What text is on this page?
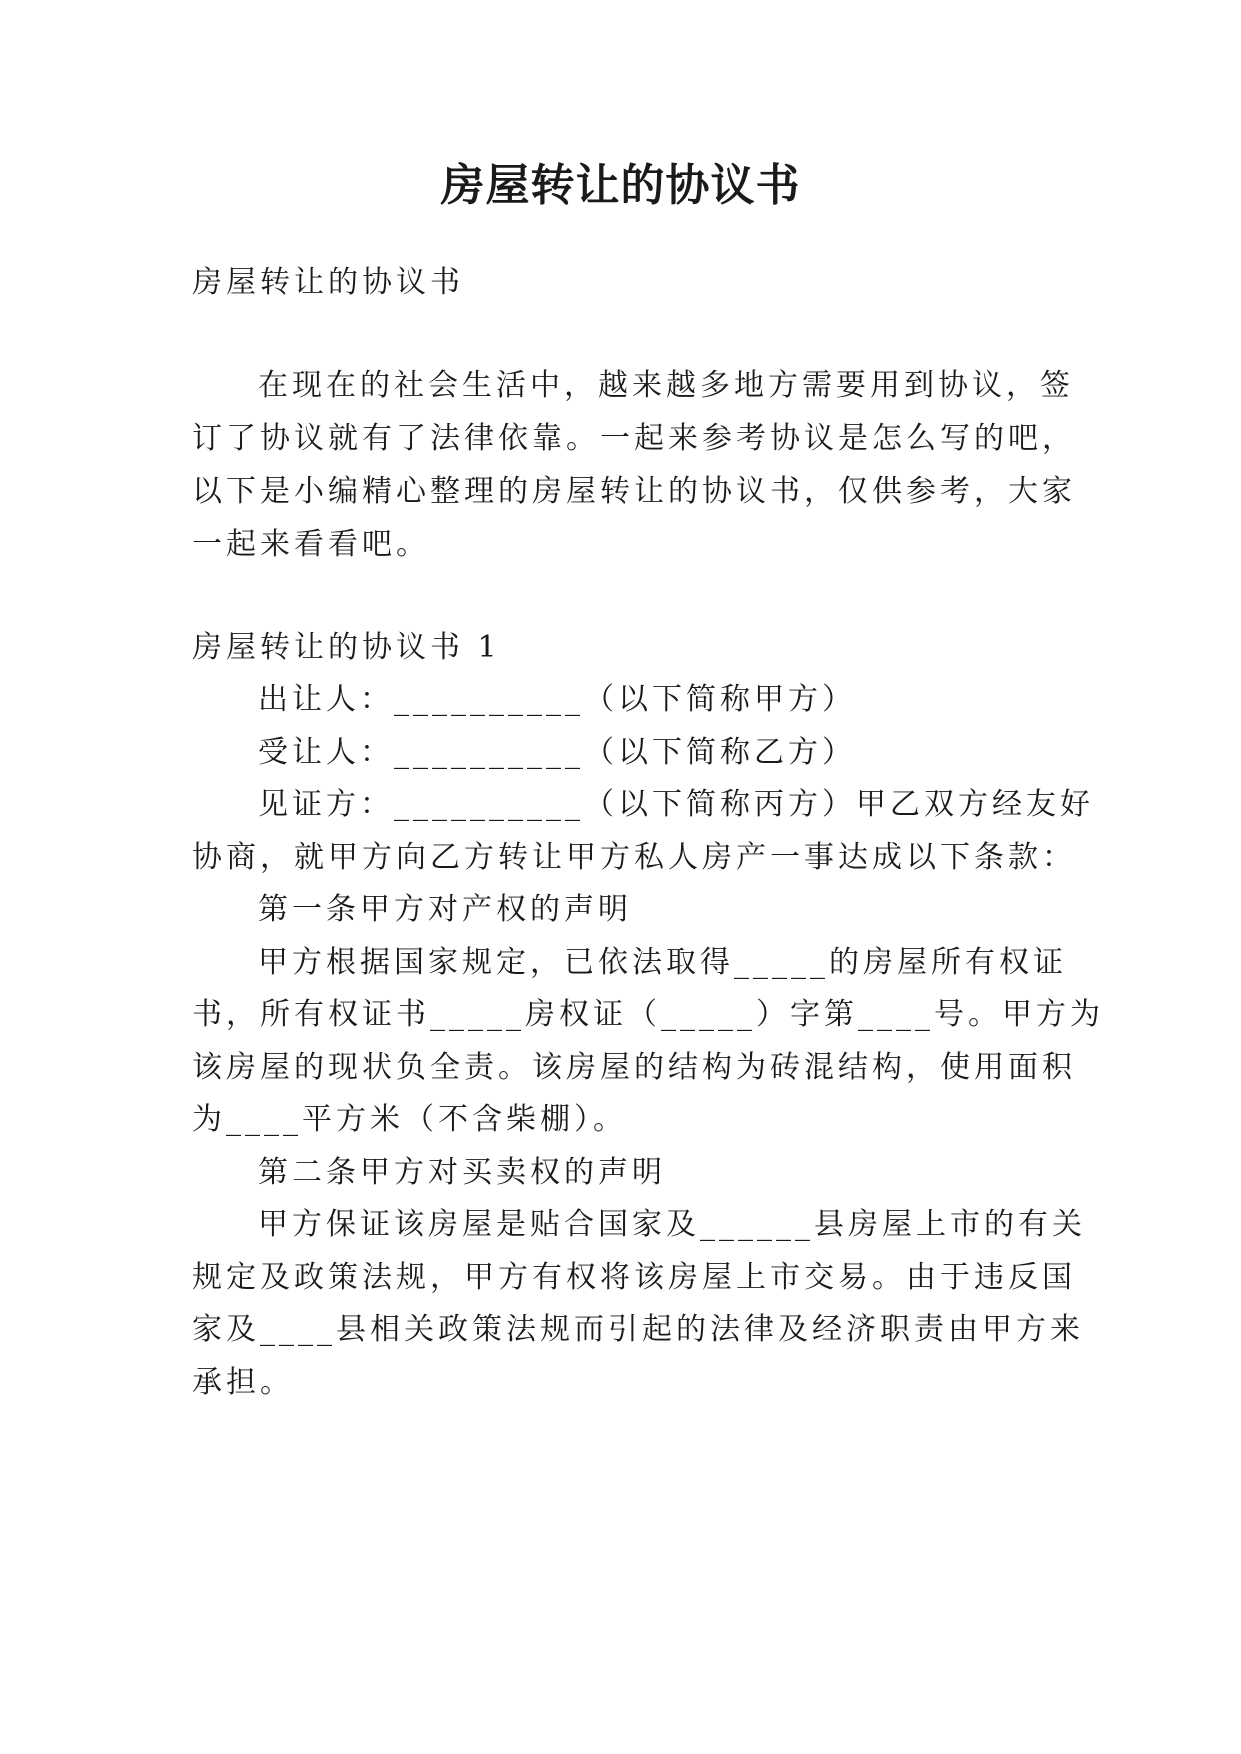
房屋转让的协议书
房屋转让的协议书
在现在的社会生活中，越来越多地方需要用到协议，签
订了协议就有了法律依靠。一起来参考协议是怎么写的吧，
以下是小编精心整理的房屋转让的协议书，仅供参考，大家
一起来看看吧。
房屋转让的协议书 1
出让人：__________（以下简称甲方）
受让人：__________（以下简称乙方）
见证方：__________（以下简称丙方）甲乙双方经友好
协商，就甲方向乙方转让甲方私人房产一事达成以下条款：
第一条甲方对产权的声明
甲方根据国家规定，已依法取得_____的房屋所有权证
书，所有权证书_____房权证（_____）字第____号。甲方为
该房屋的现状负全责。该房屋的结构为砖混结构，使用面积
为____平方米（不含柴棚）。
第二条甲方对买卖权的声明
甲方保证该房屋是贴合国家及______县房屋上市的有关
规定及政策法规，甲方有权将该房屋上市交易。由于违反国
家及____县相关政策法规而引起的法律及经济职责由甲方来
承担。
